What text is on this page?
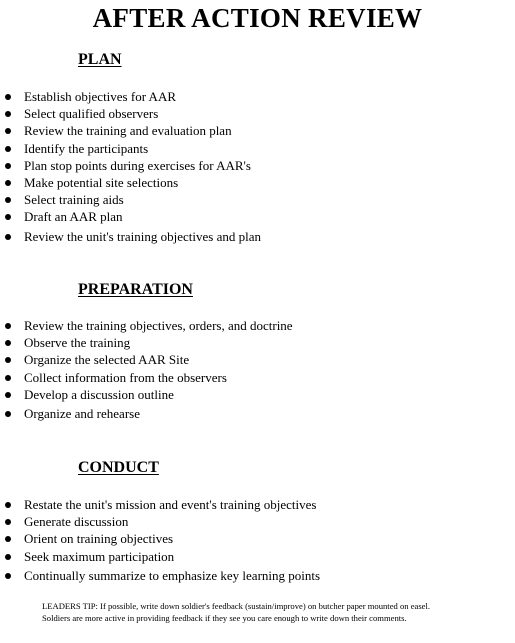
AFTER ACTION REVIEW
PLAN
Establish objectives for AAR
Select qualified observers
Review the training and evaluation plan
Identify the participants
Plan stop points during exercises for AAR's
Make potential site selections
Select training aids
Draft an AAR plan
Review the unit's training objectives and plan
PREPARATION
Review the training objectives, orders, and doctrine
Observe the training
Organize the selected AAR Site
Collect information from the observers
Develop a discussion outline
Organize and rehearse
CONDUCT
Restate the unit's mission and event's training objectives
Generate discussion
Orient on training objectives
Seek maximum participation
Continually summarize to emphasize key learning points
LEADERS TIP: If possible, write down soldier's feedback (sustain/improve) on butcher paper mounted on easel.
Soldiers are more active in providing feedback if they see you care enough to write down their comments.
